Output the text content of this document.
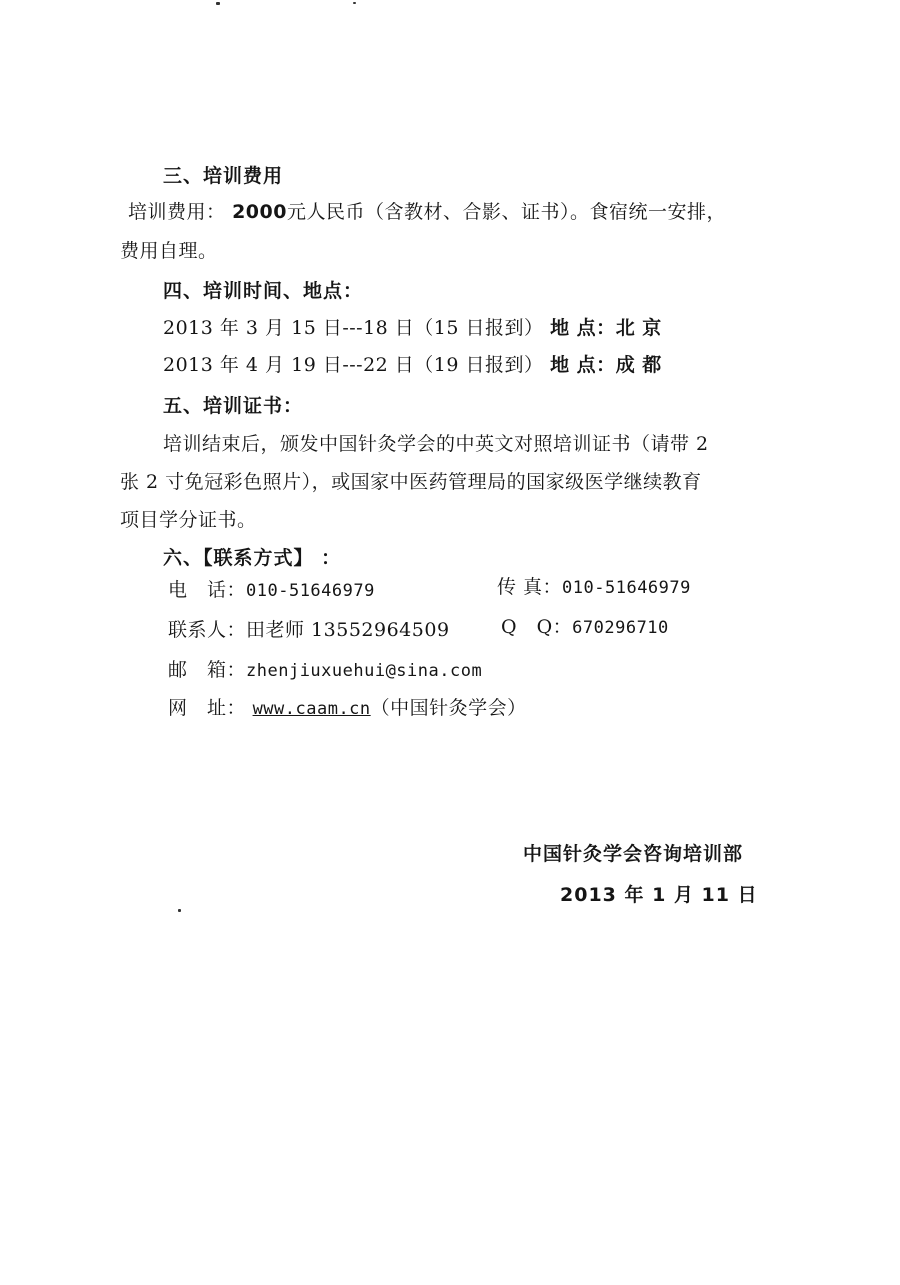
三、培训费用
培训费用： 2000元人民币（含教材、合影、证书）。食宿统一安排，
费用自理。
四、培训时间、地点：
2013 年 3 月 15 日---18 日（15 日报到） 地 点：北 京
2013 年 4 月 19 日---22 日（19 日报到） 地 点：成 都
五、培训证书：
培训结束后，颁发中国针灸学会的中英文对照培训证书（请带 2
张 2 寸免冠彩色照片），或国家中医药管理局的国家级医学继续教育
项目学分证书。
六、【联系方式】 ：
电　话：010-51646979	传 真：010-51646979
联系人：田老师 13552964509	Q　Q：670296710
邮　箱：zhenjiuxuehui@sina.com
网　址： www.caam.cn（中国针灸学会）
中国针灸学会咨询培训部
2013 年 1 月 11 日
